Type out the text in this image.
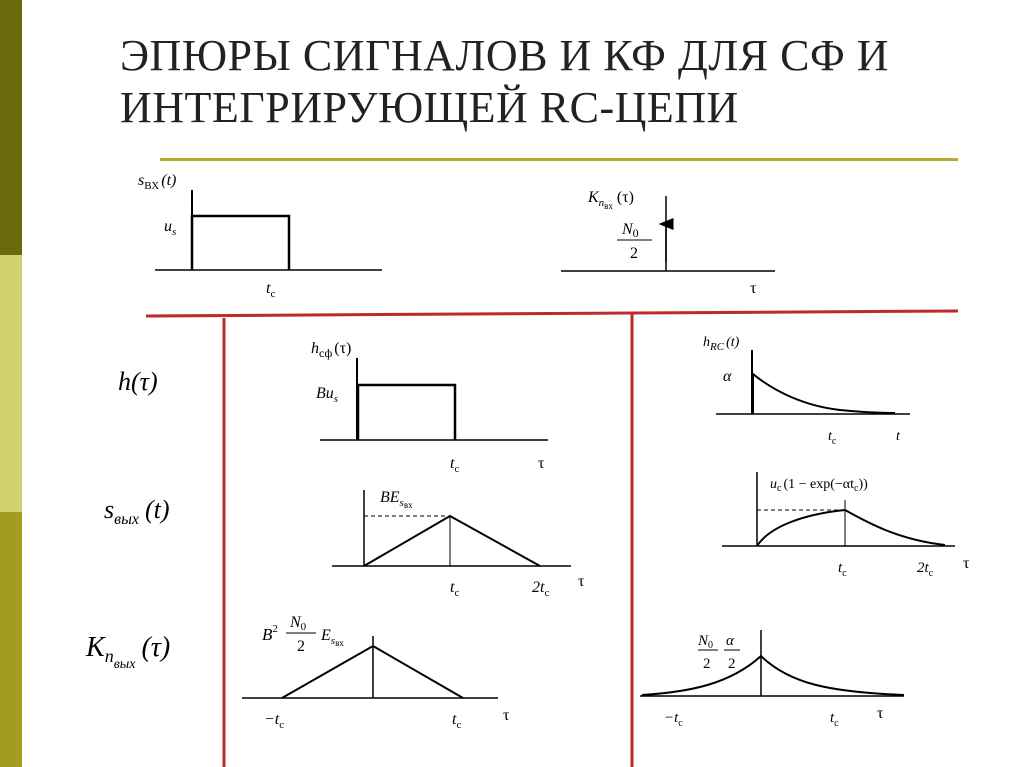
ЭПЮРЫ СИГНАЛОВ И КФ ДЛЯ СФ И
ИНТЕГРИРУЮЩЕЙ RC-ЦЕПИ
h(τ)
$s_{вых}$ (t)
$K_{nвых}(\tau)$
$s_{ВХ}$ (t)
$u_s$
$t_c$
$K_nвх$ (τ)
N0
2
τ
$h_{сф}$ (τ)
$Bu_s$
$t_c$	τ
$BE_sвх$
$t_c$	$2t_c$
τ
$B^2$ N0
2
$E_sвх$
$-t_c$	$t_c$
τ
$h_{RC}$ (t)
α
$t_c$	t
$u_c$ $(1 - \exp(-\alpha t_c))$
$t_c$	$2t_c$
τ
$N_0$
2
α
2
$-t_c$	$t_c$
τ
